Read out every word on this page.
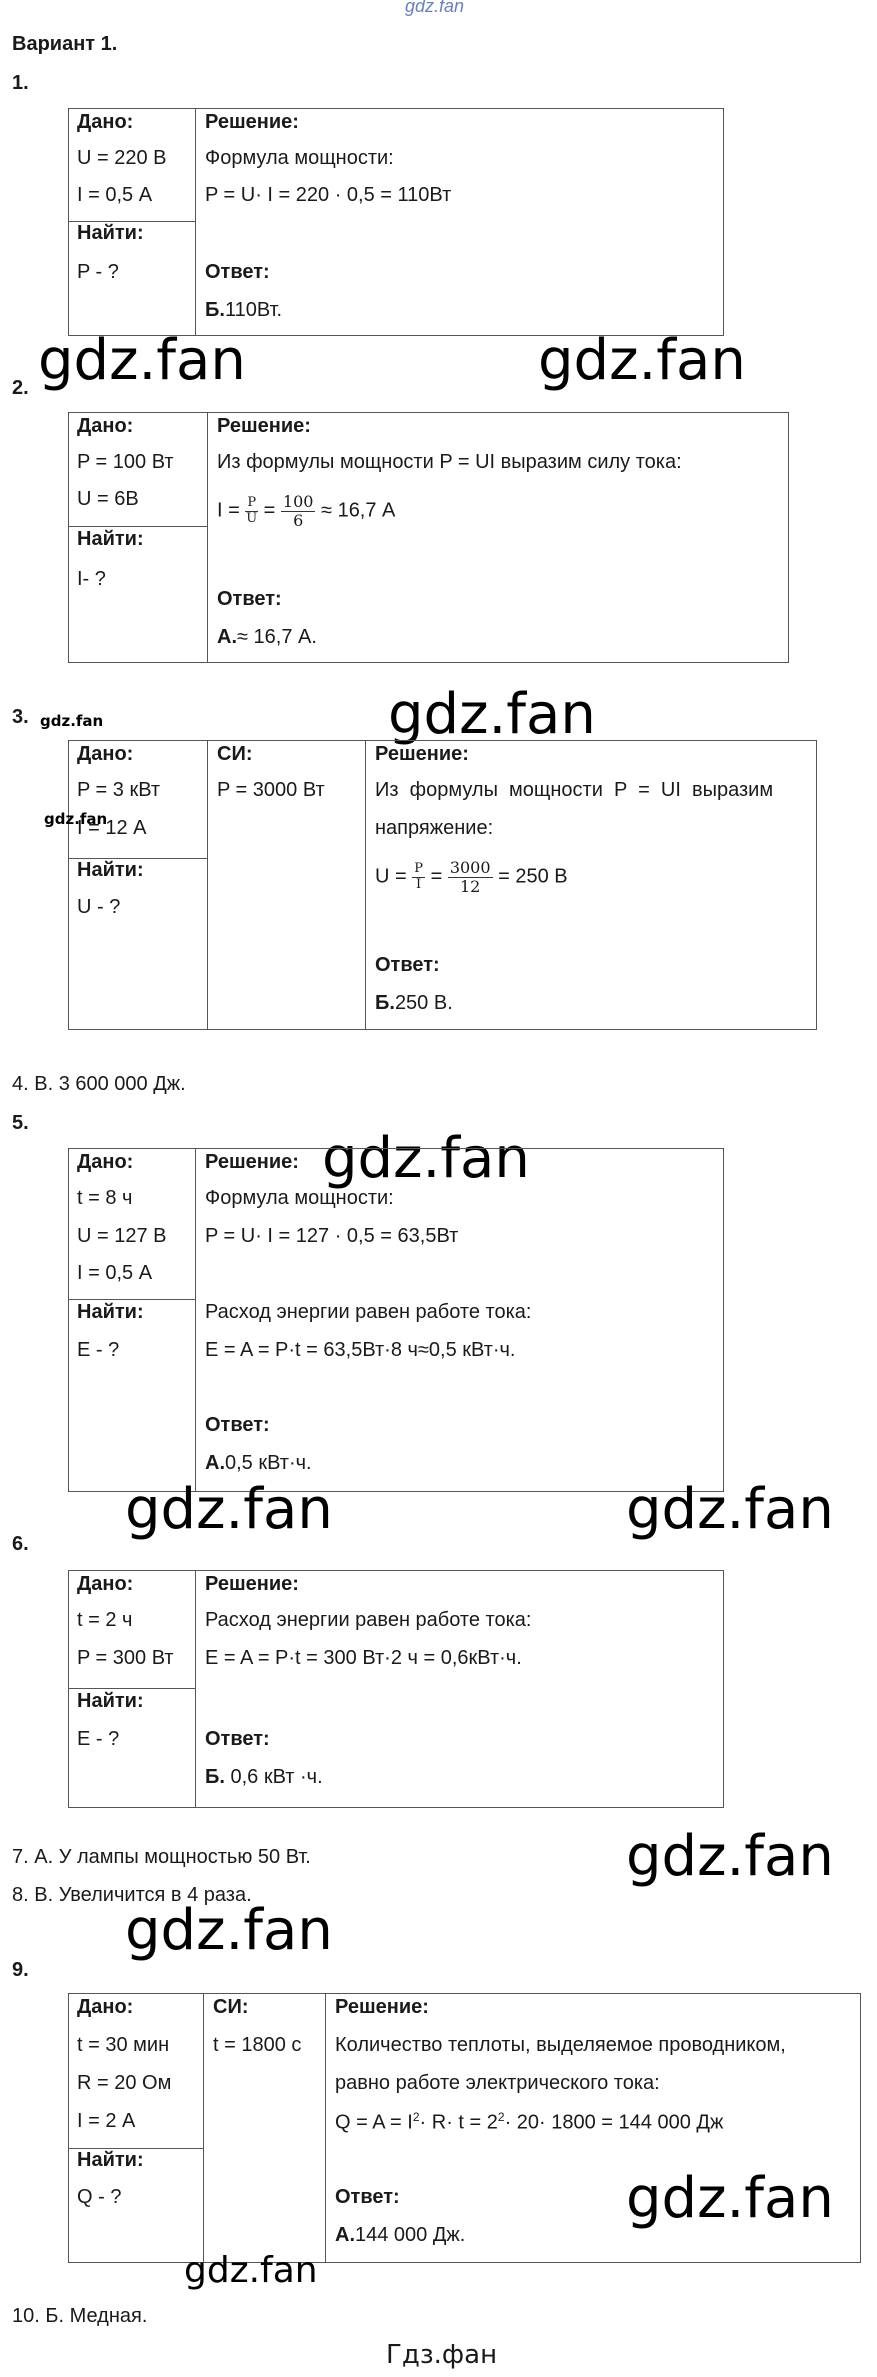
gdz.fan
Вариант 1.
1.
Дано:
U = 220 В
I = 0,5 А
Найти:
P - ?
Решение:
Формула мощности:
P = U· I = 220 · 0,5 = 110Вт
Ответ:
Б.110Вт.
gdz.fan	gdz.fan
2.
Дано:
P = 100 Вт
U = 6В
Найти:
I- ?
Решение:
Из формулы мощности P = UI выразим силу тока:
$I = \frac{P}{U} = \frac{100}{6} \approx 16,7$ А
Ответ:
А.≈ 16,7 А.
3. gdz.fan	gdz.fan
Дано:
P = 3 кВт
I = 12 А
Найти:
U - ?
СИ:
P = 3000 Вт
Решение:
Из  формулы  мощности  P  =  UI  выразим
напряжение:
$U = \frac{P}{I} = \frac{3000}{12} = 250$ В
Ответ:
Б.250 В.
gdz.fan
4. В. 3 600 000 Дж.
5.
gdz.fan
Дано:
t = 8 ч
U = 127 В
I = 0,5 А
Найти:
E - ?
Решение:
Формула мощности:
P = U· I = 127 · 0,5 = 63,5Вт
Расход энергии равен работе тока:
E = A = P·t = 63,5Вт·8 ч≈0,5 кВт·ч.
Ответ:
А.0,5 кВт·ч.
gdz.fan	gdz.fan
6.
Дано:
t = 2 ч
P = 300 Вт
Найти:
E - ?
Решение:
Расход энергии равен работе тока:
E = A = P·t = 300 Вт·2 ч = 0,6кВт·ч.
Ответ:
Б. 0,6 кВт ·ч.
7. А. У лампы мощностью 50 Вт.	gdz.fan
8. В. Увеличится в 4 раза.
gdz.fan
9.
Дано:
t = 30 мин
R = 20 Ом
I = 2 А
Найти:
Q - ?
СИ:
t = 1800 с
Решение:
Количество теплоты, выделяемое проводником,
равно работе электрического тока:
$Q = A = I^2\cdot R\cdot t = 2^2\cdot 20\cdot 1800 = 144$ 000 Дж
Ответ:
А.144 000 Дж.
gdz.fan
gdz.fan
10. Б. Медная.
Гдз.фан
